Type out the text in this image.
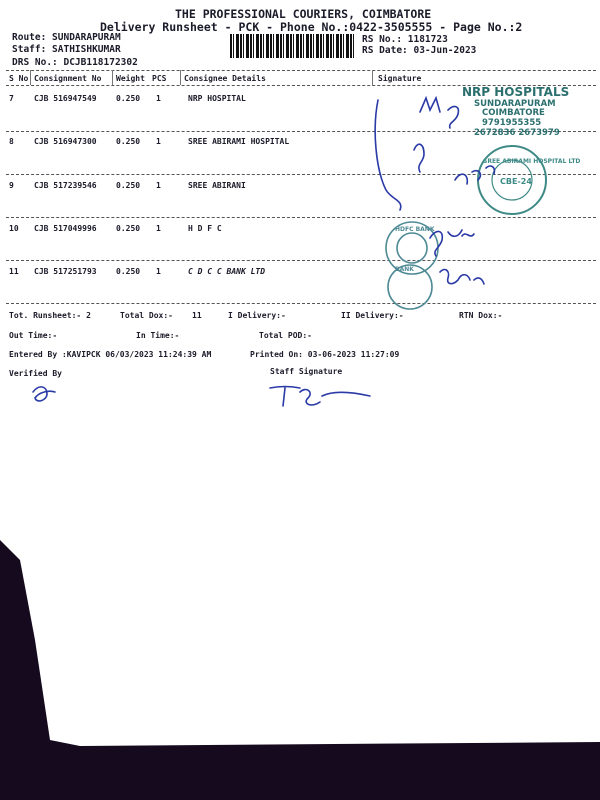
THE PROFESSIONAL COURIERS, COIMBATORE
Delivery Runsheet - PCK - Phone No.:0422-3505555 - Page No.:2
Route: SUNDARAPURAM
Staff: SATHISHKUMAR
DRS No.: DCJB118172302
RS No.: 1181723
RS Date: 03-Jun-2023
S No Consignment No Weight PCS Consignee Details	Signature
7	CJB 516947549 0.250 1	NRP HOSPITAL
8	CJB 516947300 0.250 1	SREE ABIRAMI HOSPITAL
9	CJB 517239546 0.250 1	SREE ABIRANI
10 CJB 517049996 0.250 1	H D F C
11 CJB 517251793 0.250 1	C D C C BANK LTD
Tot. Runsheet:- 2	Total Dox:- 11	I Delivery:-	II Delivery:-	RTN Dox:-
Out Time:-	In Time:-	Total POD:-
Entered By :KAVIPCK 06/03/2023 11:24:39 AM	Printed On: 03-06-2023 11:27:09
Verified By	Staff Signature
NRP HOSPITALS
SUNDARAPURAM
COIMBATORE
9791955355
2672836 2673979
CBE-24
SREE ABIRAMI HOSPITAL LTD
HDFC BANK
BANK
